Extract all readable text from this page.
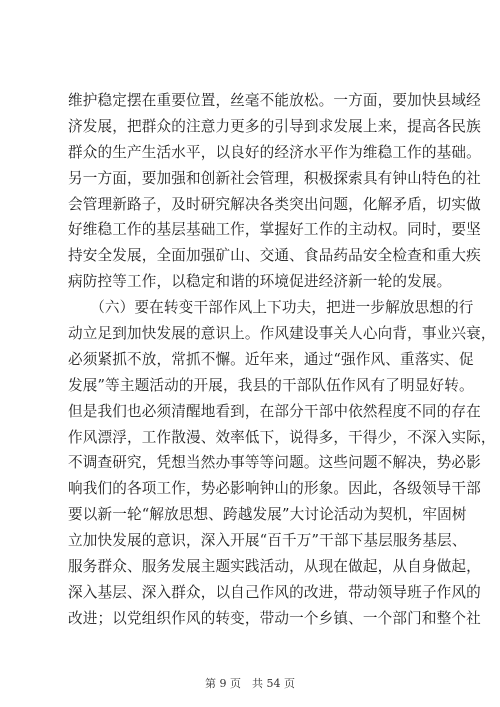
维护稳定摆在重要位置，丝毫不能放松。一方面，要加快县域经
济发展，把群众的注意力更多的引导到求发展上来，提高各民族
群众的生产生活水平，以良好的经济水平作为维稳工作的基础。
另一方面，要加强和创新社会管理，积极探索具有钟山特色的社
会管理新路子，及时研究解决各类突出问题，化解矛盾，切实做
好维稳工作的基层基础工作，掌握好工作的主动权。同时，要坚
持安全发展，全面加强矿山、交通、食品药品安全检查和重大疾
病防控等工作，以稳定和谐的环境促进经济新一轮的发展。
　　（六）要在转变干部作风上下功夫，把进一步解放思想的行
动立足到加快发展的意识上。作风建设事关人心向背，事业兴衰，
必须紧抓不放，常抓不懈。近年来，通过“强作风、重落实、促
发展”等主题活动的开展，我县的干部队伍作风有了明显好转。
但是我们也必须清醒地看到，在部分干部中依然程度不同的存在
作风漂浮，工作散漫、效率低下，说得多，干得少，不深入实际，
不调查研究，凭想当然办事等等问题。这些问题不解决，势必影
响我们的各项工作，势必影响钟山的形象。因此，各级领导干部
要以新一轮“解放思想、跨越发展”大讨论活动为契机，牢固树
立加快发展的意识，深入开展“百千万”干部下基层服务基层、
服务群众、服务发展主题实践活动，从现在做起，从自身做起，
深入基层、深入群众，以自己作风的改进，带动领导班子作风的
改进；以党组织作风的转变，带动一个乡镇、一个部门和整个社
第 9 页　共 54 页
